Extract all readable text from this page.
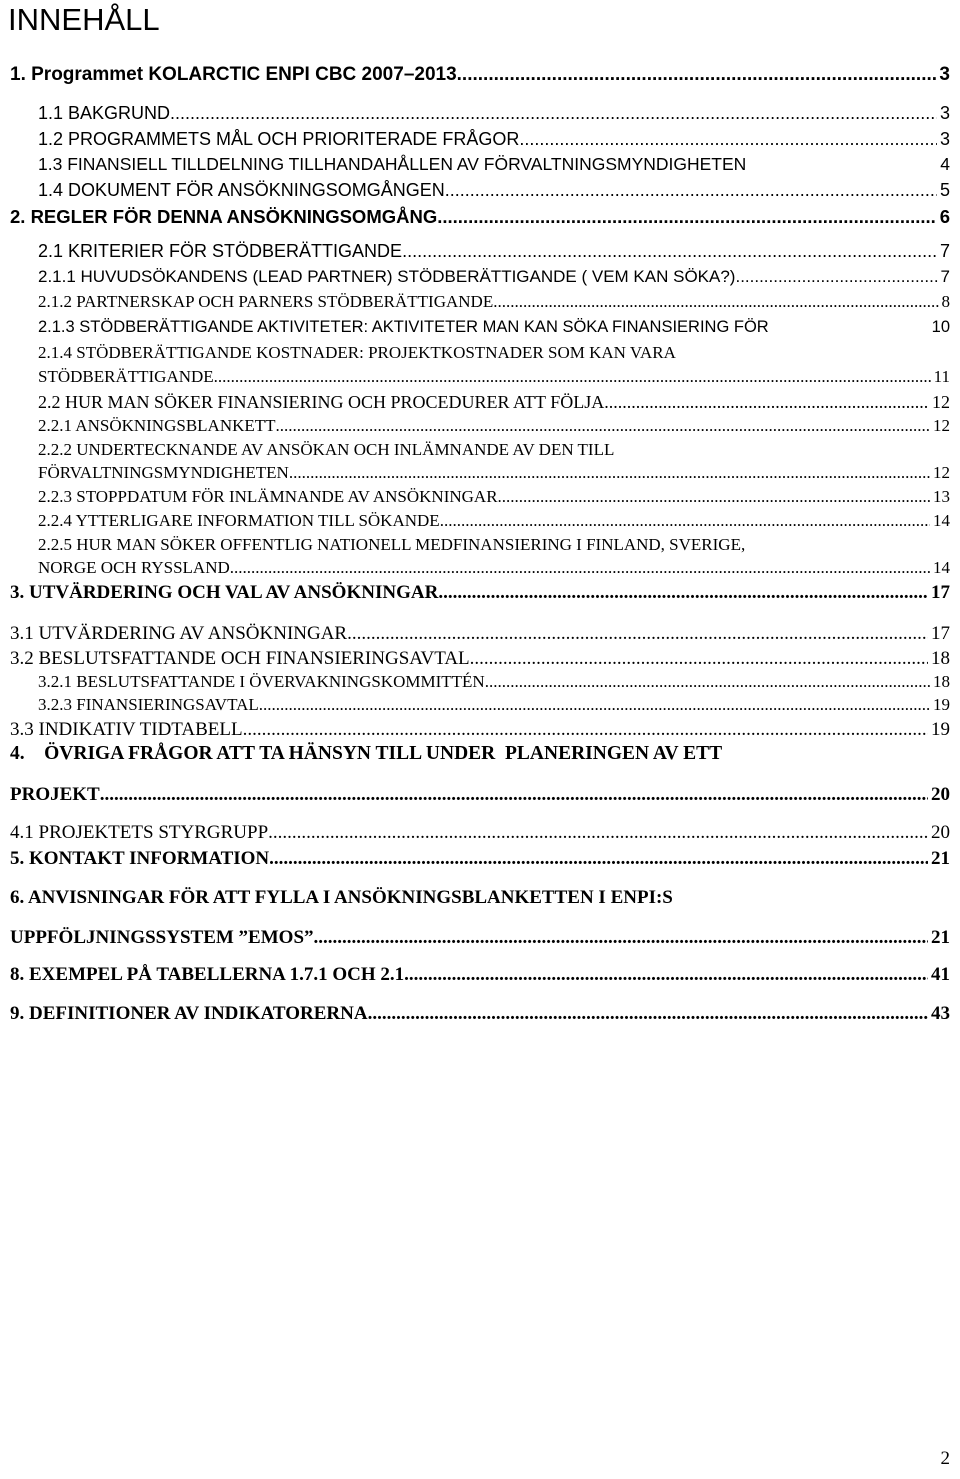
INNEHÅLL
1. Programmet KOLARCTIC ENPI CBC 2007–2013 .....	3
1.1 BAKGRUND .....	3
1.2 PROGRAMMETS MÅL OCH PRIORITERADE FRÅGOR .....	3
1.3 FINANSIELL TILLDELNING TILLHANDAHÅLLEN AV FÖRVALTNINGSMYNDIGHETEN	4
1.4 DOKUMENT FÖR ANSÖKNINGSOMGÅNGEN .....	5
2. REGLER FÖR DENNA ANSÖKNINGSOMGÅNG .....	6
2.1 KRITERIER FÖR STÖDBERÄTTIGANDE .....	7
2.1.1 HUVUDSÖKANDENS (LEAD PARTNER) STÖDBERÄTTIGANDE ( VEM KAN SÖKA?) .....	7
2.1.2 PARTNERSKAP OCH PARNERS STÖDBERÄTTIGANDE .....	8
2.1.3 STÖDBERÄTTIGANDE AKTIVITETER: AKTIVITETER MAN KAN SÖKA FINANSIERING FÖR	10
2.1.4 STÖDBERÄTTIGANDE KOSTNADER: PROJEKTKOSTNADER SOM KAN VARA
STÖDBERÄTTIGANDE .....	11
2.2 HUR MAN SÖKER FINANSIERING OCH PROCEDURER ATT FÖLJA .....	12
2.2.1 ANSÖKNINGSBLANKETT .....	12
2.2.2 UNDERTECKNANDE AV ANSÖKAN OCH INLÄMNANDE AV DEN TILL
FÖRVALTNINGSMYNDIGHETEN .....	12
2.2.3 STOPPDATUM FÖR INLÄMNANDE AV ANSÖKNINGAR .....	13
2.2.4 YTTERLIGARE INFORMATION TILL SÖKANDE .....	14
2.2.5 HUR MAN SÖKER OFFENTLIG NATIONELL MEDFINANSIERING I FINLAND, SVERIGE,
NORGE OCH RYSSLAND .....	14
3. UTVÄRDERING OCH VAL AV ANSÖKNINGAR .....	17
3.1 UTVÄRDERING AV ANSÖKNINGAR .....	17
3.2 BESLUTSFATTANDE OCH FINANSIERINGSAVTAL .....	18
3.2.1 BESLUTSFATTANDE I ÖVERVAKNINGSKOMMITTÉN .....	18
3.2.3 FINANSIERINGSAVTAL .....	19
3.3 INDIKATIV TIDTABELL .....	19
4.    ÖVRIGA FRÅGOR ATT TA HÄNSYN TILL UNDER  PLANERINGEN AV ETT
PROJEKT .....	20
4.1 PROJEKTETS STYRGRUPP .....	20
5. KONTAKT INFORMATION .....	21
6. ANVISNINGAR FÖR ATT FYLLA I ANSÖKNINGSBLANKETTEN I ENPI:S
UPPFÖLJNINGSSYSTEM ”EMOS” .....	21
8. EXEMPEL PÅ TABELLERNA 1.7.1 OCH 2.1 .....	41
9. DEFINITIONER AV INDIKATORERNA .....	43
2
